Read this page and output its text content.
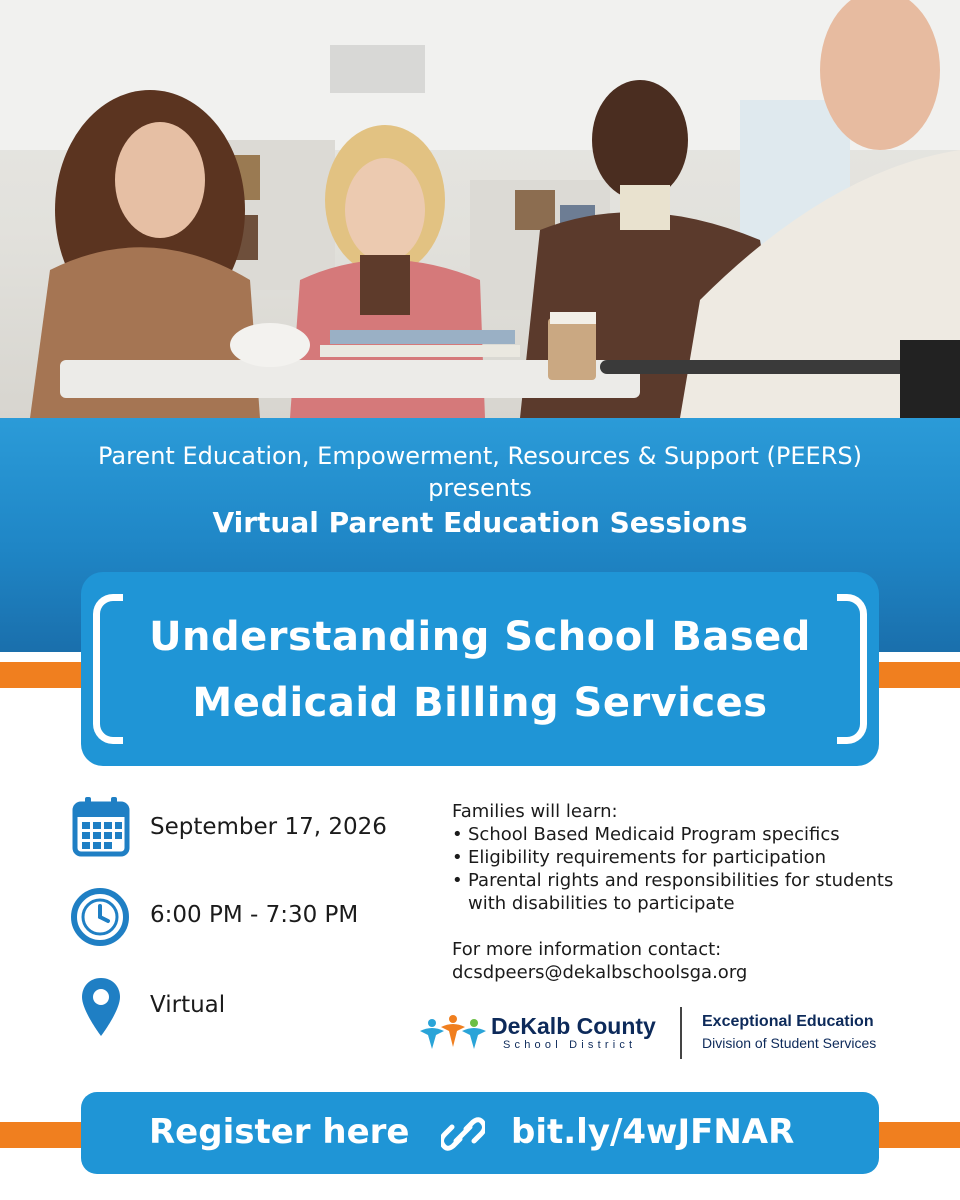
Parent Education, Empowerment, Resources & Support (PEERS)
presents
Virtual Parent Education Sessions
Understanding School Based
Medicaid Billing Services
September 17, 2026
6:00 PM - 7:30 PM
Virtual
Families will learn:
• School Based Medicaid Program specifics
• Eligibility requirements for participation
• Parental rights and responsibilities for students with disabilities to participate
For more information contact:
dcsdpeers@dekalbschoolsga.org
DeKalb County
School District
Exceptional Education
Division of Student Services
Register here	bit.ly/4wJFNAR
